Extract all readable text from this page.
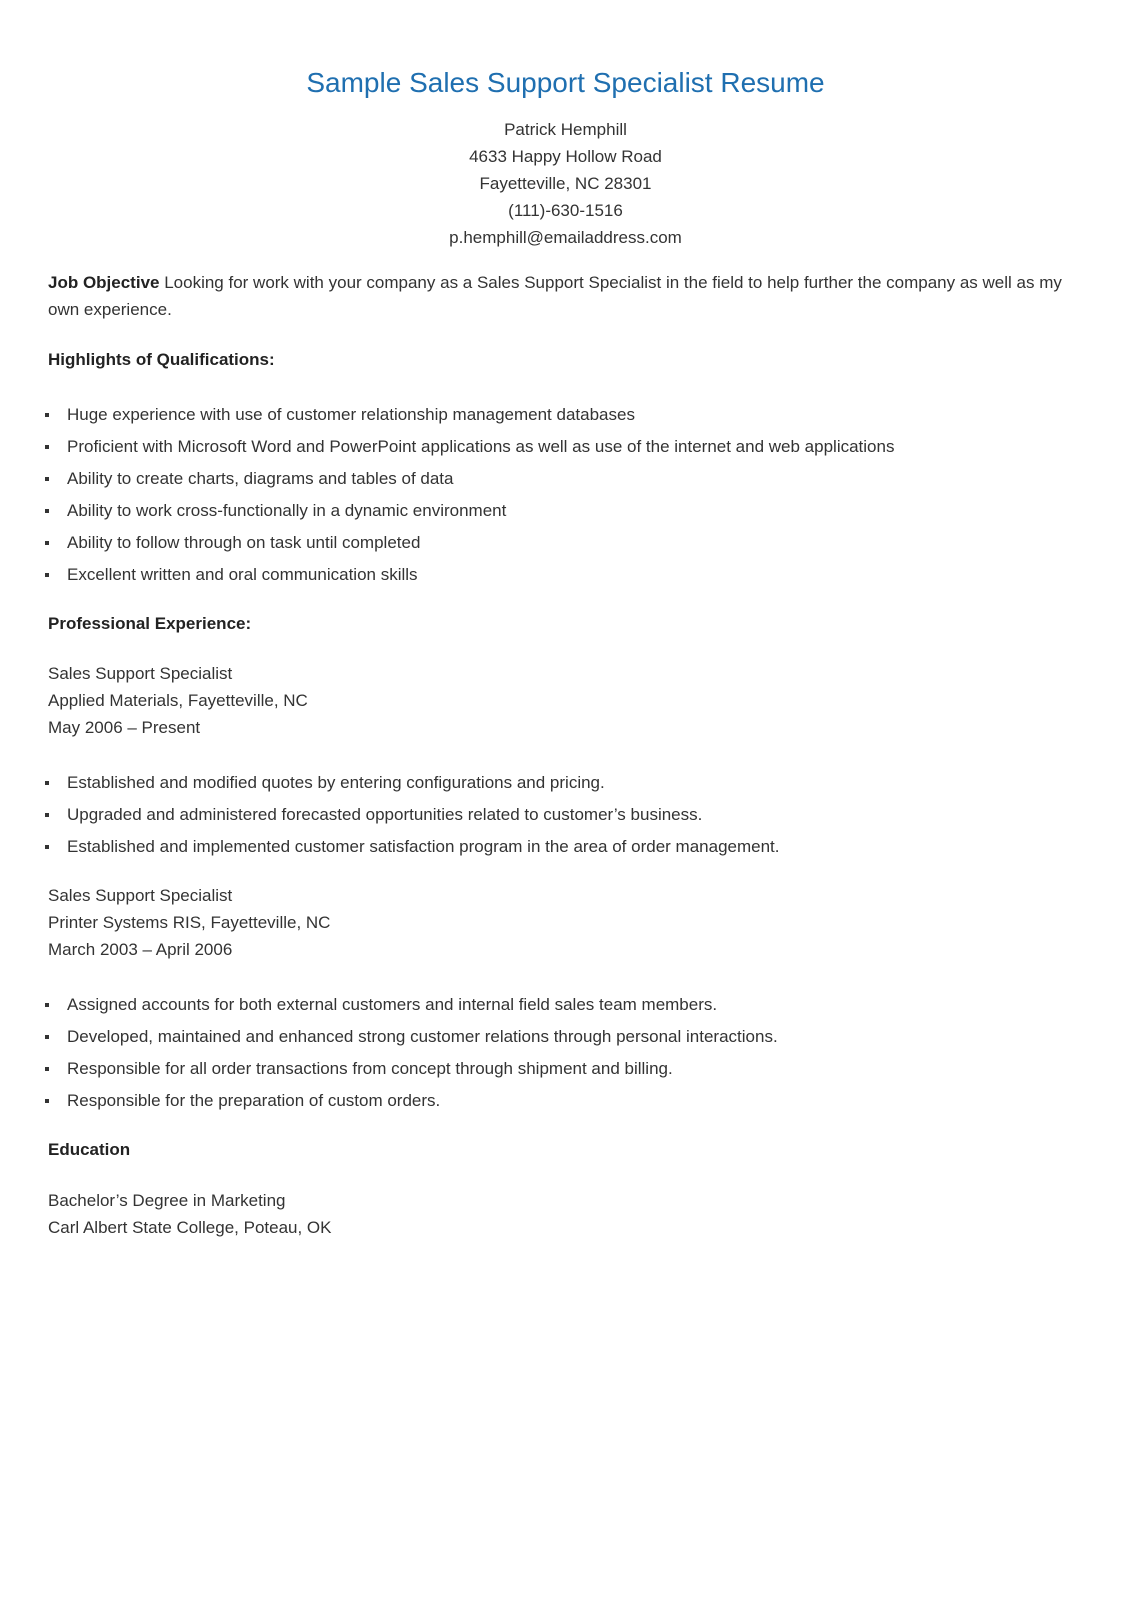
Sample Sales Support Specialist Resume
Patrick Hemphill
4633 Happy Hollow Road
Fayetteville, NC 28301
(111)-630-1516
p.hemphill@emailaddress.com
Job Objective Looking for work with your company as a Sales Support Specialist in the field to help further the company as well as my own experience.
Highlights of Qualifications:
Huge experience with use of customer relationship management databases
Proficient with Microsoft Word and PowerPoint applications as well as use of the internet and web applications
Ability to create charts, diagrams and tables of data
Ability to work cross-functionally in a dynamic environment
Ability to follow through on task until completed
Excellent written and oral communication skills
Professional Experience:
Sales Support Specialist
Applied Materials, Fayetteville, NC
May 2006 – Present
Established and modified quotes by entering configurations and pricing.
Upgraded and administered forecasted opportunities related to customer’s business.
Established and implemented customer satisfaction program in the area of order management.
Sales Support Specialist
Printer Systems RIS, Fayetteville, NC
March 2003 – April 2006
Assigned accounts for both external customers and internal field sales team members.
Developed, maintained and enhanced strong customer relations through personal interactions.
Responsible for all order transactions from concept through shipment and billing.
Responsible for the preparation of custom orders.
Education
Bachelor’s Degree in Marketing
Carl Albert State College, Poteau, OK
